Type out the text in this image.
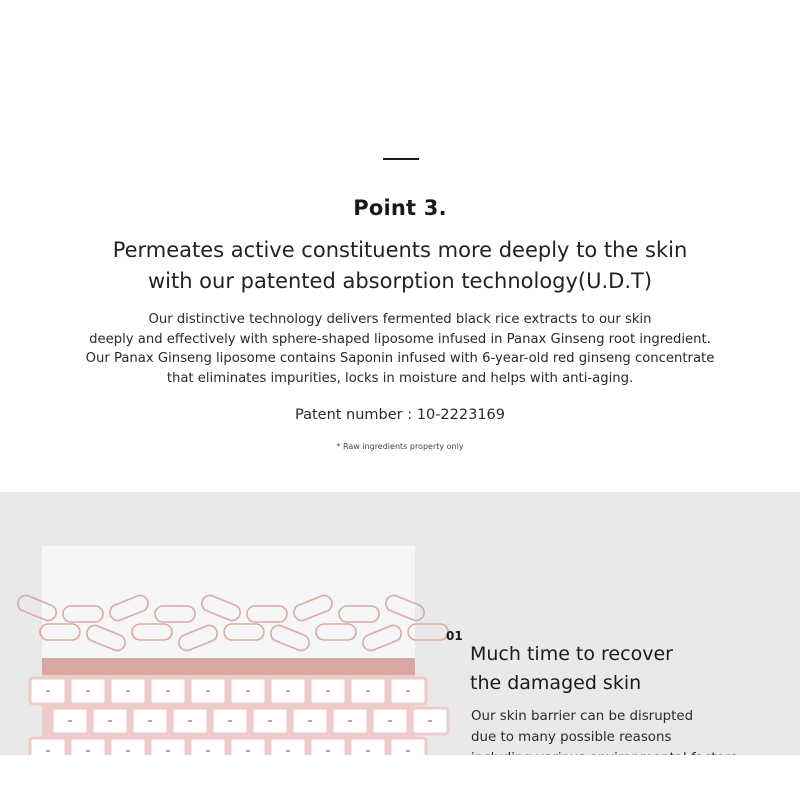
Point 3.
Permeates active constituents more deeply to the skin
with our patented absorption technology(U.D.T)
Our distinctive technology delivers fermented black rice extracts to our skin
deeply and effectively with sphere-shaped liposome infused in Panax Ginseng root ingredient.
Our Panax Ginseng liposome contains Saponin infused with 6-year-old red ginseng concentrate
that eliminates impurities, locks in moisture and helps with anti-aging.
Patent number : 10-2223169
* Raw ingredients property only
01
Much time to recover
the damaged skin
Our skin barrier can be disrupted
due to many possible reasons
